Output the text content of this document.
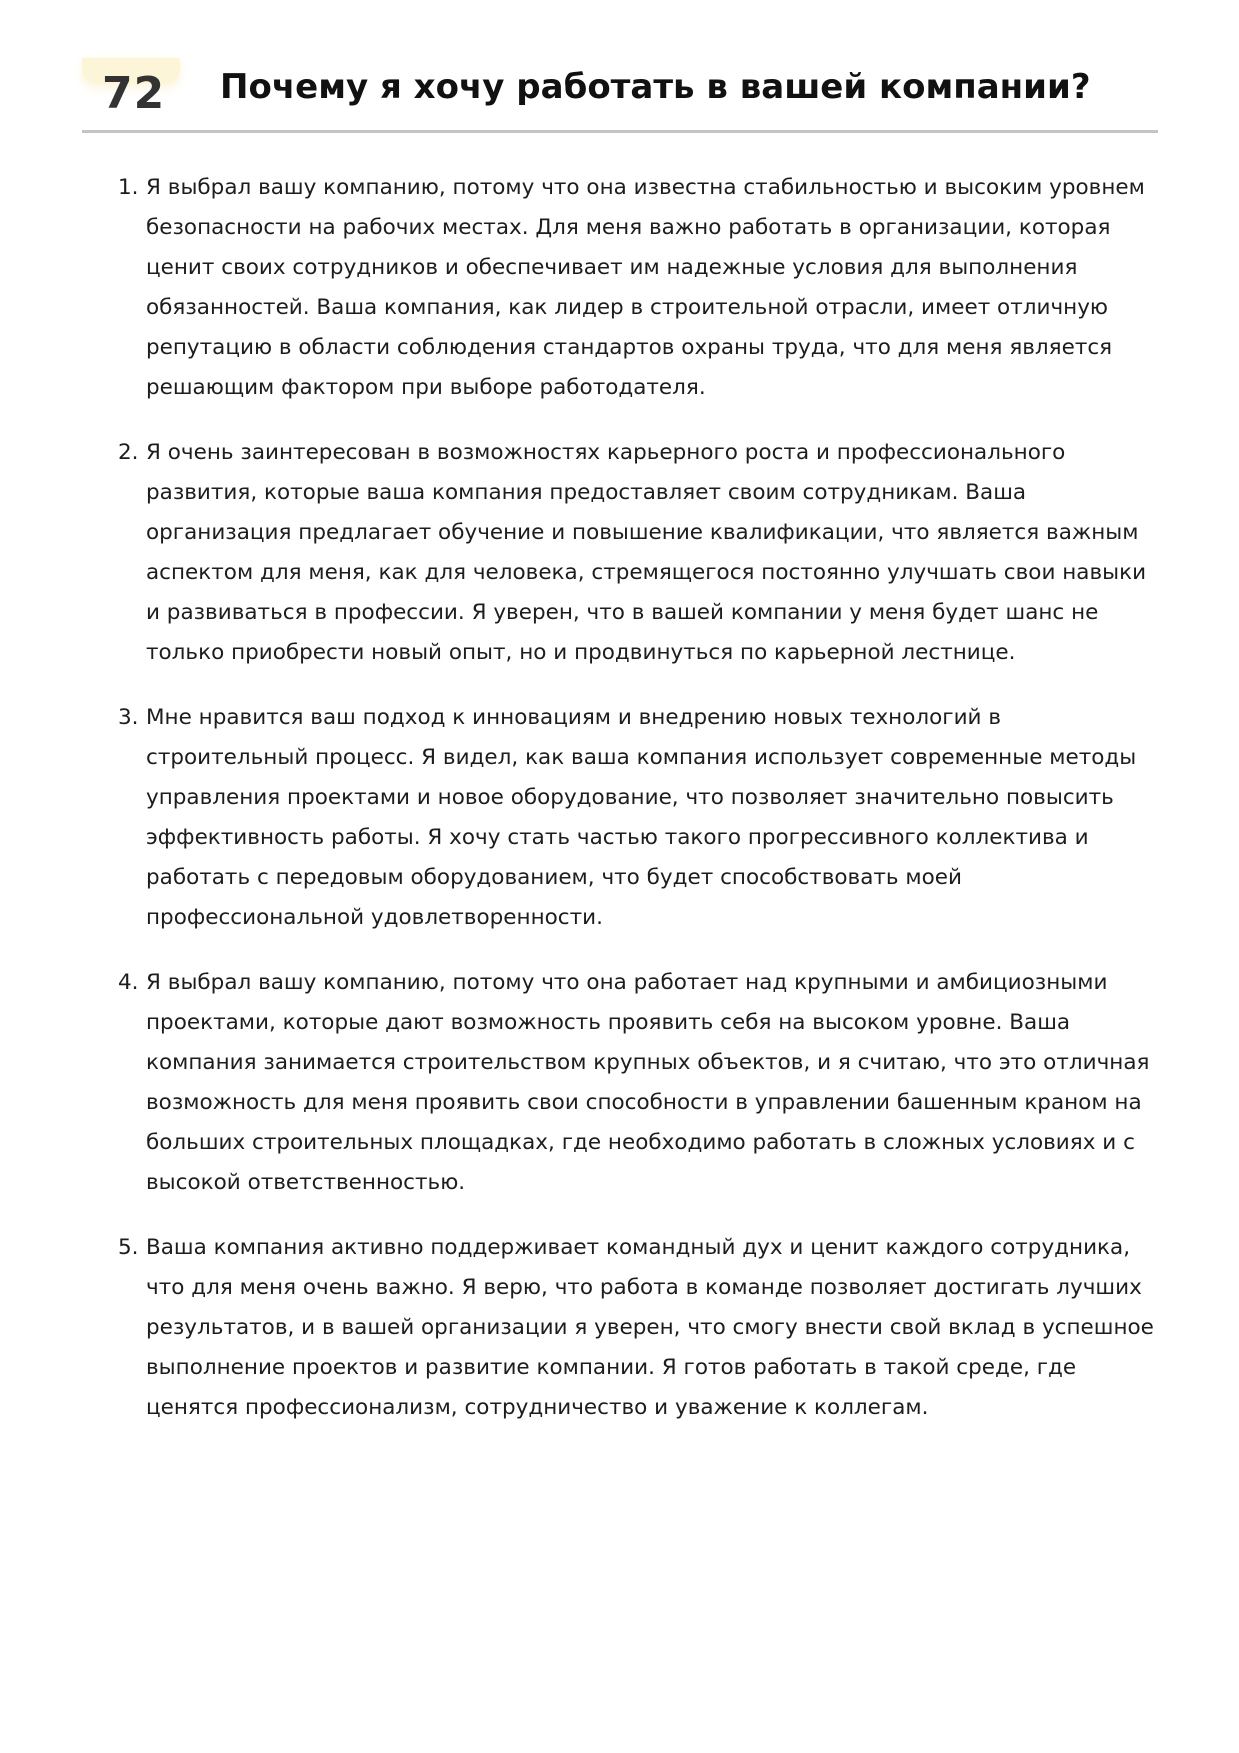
72 Почему я хочу работать в вашей компании?
1. Я выбрал вашу компанию, потому что она известна стабильностью и высоким уровнем безопасности на рабочих местах. Для меня важно работать в организации, которая ценит своих сотрудников и обеспечивает им надежные условия для выполнения обязанностей. Ваша компания, как лидер в строительной отрасли, имеет отличную репутацию в области соблюдения стандартов охраны труда, что для меня является решающим фактором при выборе работодателя.
2. Я очень заинтересован в возможностях карьерного роста и профессионального развития, которые ваша компания предоставляет своим сотрудникам. Ваша организация предлагает обучение и повышение квалификации, что является важным аспектом для меня, как для человека, стремящегося постоянно улучшать свои навыки и развиваться в профессии. Я уверен, что в вашей компании у меня будет шанс не только приобрести новый опыт, но и продвинуться по карьерной лестнице.
3. Мне нравится ваш подход к инновациям и внедрению новых технологий в строительный процесс. Я видел, как ваша компания использует современные методы управления проектами и новое оборудование, что позволяет значительно повысить эффективность работы. Я хочу стать частью такого прогрессивного коллектива и работать с передовым оборудованием, что будет способствовать моей профессиональной удовлетворенности.
4. Я выбрал вашу компанию, потому что она работает над крупными и амбициозными проектами, которые дают возможность проявить себя на высоком уровне. Ваша компания занимается строительством крупных объектов, и я считаю, что это отличная возможность для меня проявить свои способности в управлении башенным краном на больших строительных площадках, где необходимо работать в сложных условиях и с высокой ответственностью.
5. Ваша компания активно поддерживает командный дух и ценит каждого сотрудника, что для меня очень важно. Я верю, что работа в команде позволяет достигать лучших результатов, и в вашей организации я уверен, что смогу внести свой вклад в успешное выполнение проектов и развитие компании. Я готов работать в такой среде, где ценятся профессионализм, сотрудничество и уважение к коллегам.
